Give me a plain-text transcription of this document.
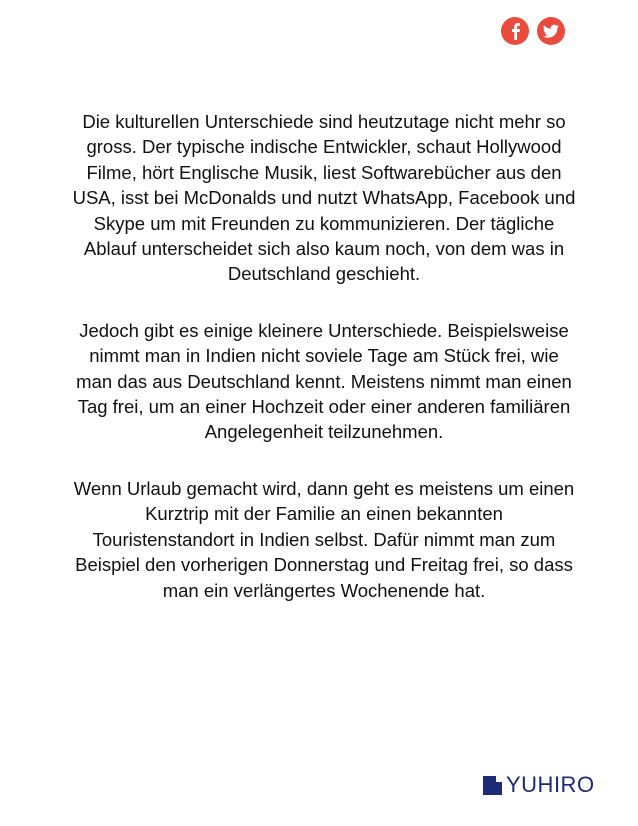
Die kulturellen Unterschiede sind heutzutage nicht mehr so gross. Der typische indische Entwickler, schaut Hollywood Filme, hört Englische Musik, liest Softwarebücher aus den USA, isst bei McDonalds und nutzt WhatsApp, Facebook und Skype um mit Freunden zu kommunizieren. Der tägliche Ablauf unterscheidet sich also kaum noch, von dem was in Deutschland geschieht.

Jedoch gibt es einige kleinere Unterschiede. Beispielsweise nimmt man in Indien nicht soviele Tage am Stück frei, wie man das aus Deutschland kennt. Meistens nimmt man einen Tag frei, um an einer Hochzeit oder einer anderen familiären Angelegenheit teilzunehmen.

Wenn Urlaub gemacht wird, dann geht es meistens um einen Kurztrip mit der Familie an einen bekannten Touristenstandort in Indien selbst. Dafür nimmt man zum Beispiel den vorherigen Donnerstag und Freitag frei, so dass man ein verlängertes Wochenende hat.

YUHIRO
